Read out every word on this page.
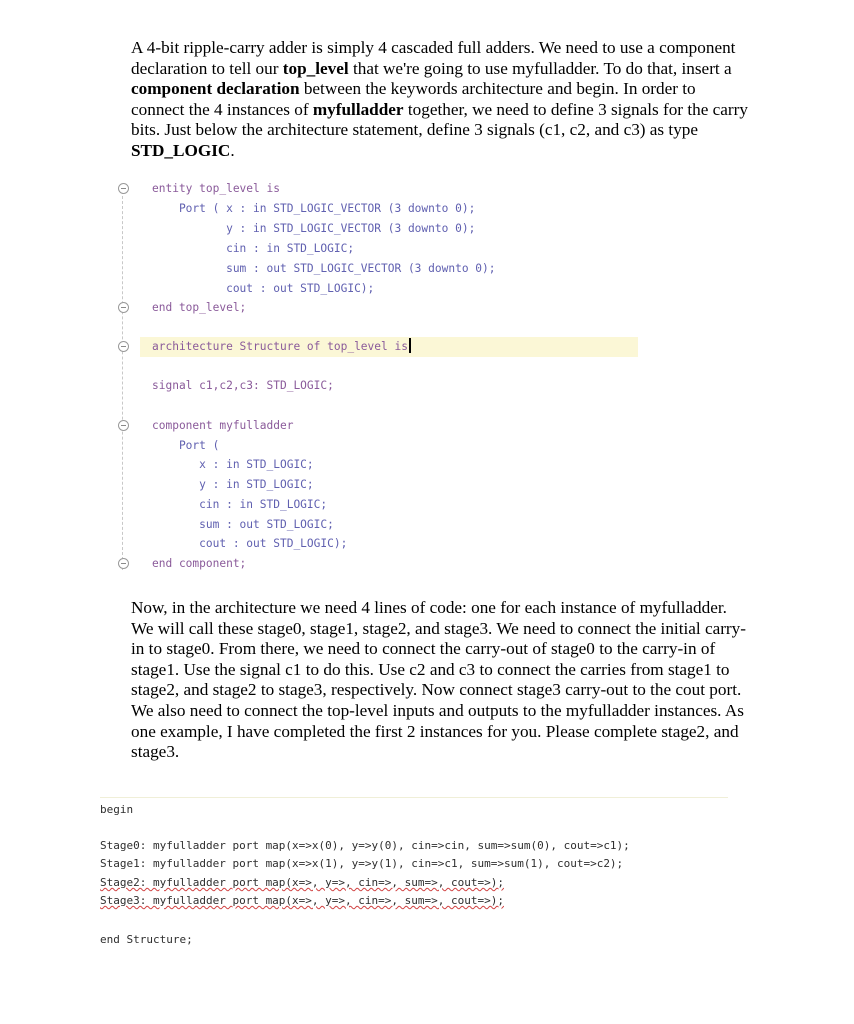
A 4-bit ripple-carry adder is simply 4 cascaded full adders. We need to use a component declaration to tell our top_level that we're going to use myfulladder. To do that, insert a component declaration between the keywords architecture and begin. In order to connect the 4 instances of myfulladder together, we need to define 3 signals for the carry bits. Just below the architecture statement, define 3 signals (c1, c2, and c3) as type STD_LOGIC.
entity top_level is
Port ( x : in STD_LOGIC_VECTOR (3 downto 0);
y : in STD_LOGIC_VECTOR (3 downto 0);
cin : in STD_LOGIC;
sum : out STD_LOGIC_VECTOR (3 downto 0);
cout : out STD_LOGIC);
end top_level;
architecture Structure of top_level is
signal c1,c2,c3: STD_LOGIC;
component myfulladder
Port (
x : in STD_LOGIC;
y : in STD_LOGIC;
cin : in STD_LOGIC;
sum : out STD_LOGIC;
cout : out STD_LOGIC);
end component;
Now, in the architecture we need 4 lines of code: one for each instance of myfulladder. We will call these stage0, stage1, stage2, and stage3. We need to connect the initial carry-in to stage0. From there, we need to connect the carry-out of stage0 to the carry-in of stage1. Use the signal c1 to do this. Use c2 and c3 to connect the carries from stage1 to stage2, and stage2 to stage3, respectively. Now connect stage3 carry-out to the cout port. We also need to connect the top-level inputs and outputs to the myfulladder instances. As one example, I have completed the first 2 instances for you. Please complete stage2, and stage3.
begin
Stage0: myfulladder port map(x=>x(0), y=>y(0), cin=>cin, sum=>sum(0), cout=>c1);
Stage1: myfulladder port map(x=>x(1), y=>y(1), cin=>c1, sum=>sum(1), cout=>c2);
Stage2: myfulladder port map(x=>, y=>, cin=>, sum=>, cout=>);
Stage3: myfulladder port map(x=>, y=>, cin=>, sum=>, cout=>);
end Structure;
